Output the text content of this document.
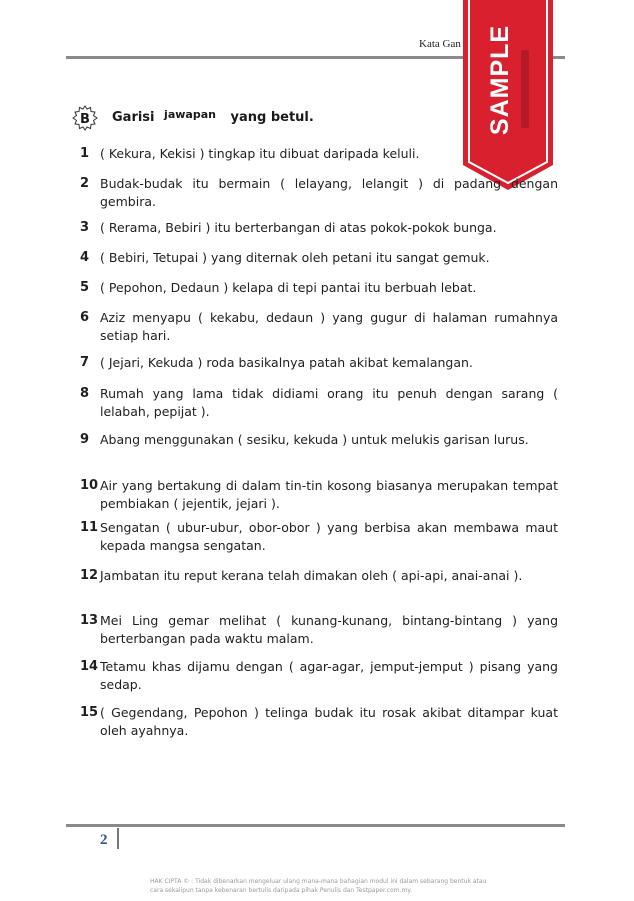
Kata Gan SAMPLE
B Garisi $^{jawapan}$ yang betul.
1 ( Kekura, Kekisi ) tingkap itu dibuat daripada keluli.
2 Budak-budak itu bermain ( lelayang, lelangit ) di padang dengan gembira.
3 ( Rerama, Bebiri ) itu berterbangan di atas pokok-pokok bunga.
4 ( Bebiri, Tetupai ) yang diternak oleh petani itu sangat gemuk.
5 ( Pepohon, Dedaun ) kelapa di tepi pantai itu berbuah lebat.
6 Aziz menyapu ( kekabu, dedaun ) yang gugur di halaman rumahnya setiap hari.
7 ( Jejari, Kekuda ) roda basikalnya patah akibat kemalangan.
8 Rumah yang lama tidak didiami orang itu penuh dengan sarang ( lelabah, pepijat ).
9 Abang menggunakan ( sesiku, kekuda ) untuk melukis garisan lurus.
10 Air yang bertakung di dalam tin-tin kosong biasanya merupakan tempat pembiakan ( jejentik, jejari ).
11 Sengatan ( ubur-ubur, obor-obor ) yang berbisa akan membawa maut kepada mangsa sengatan.
12 Jambatan itu reput kerana telah dimakan oleh ( api-api, anai-anai ).
13 Mei Ling gemar melihat ( kunang-kunang, bintang-bintang ) yang berterbangan pada waktu malam.
14 Tetamu khas dijamu dengan ( agar-agar, jemput-jemput ) pisang yang sedap.
15 ( Gegendang, Pepohon ) telinga budak itu rosak akibat ditampar kuat oleh ayahnya.
2
HAK CIPTA © : Tidak dibenarkan mengeluar ulang mana-mana bahagian modul ini dalam sebarang bentuk atau cara sekalipun tanpa kebenaran bertulis daripada pihak Penulis dan Testpaper.com.my.
